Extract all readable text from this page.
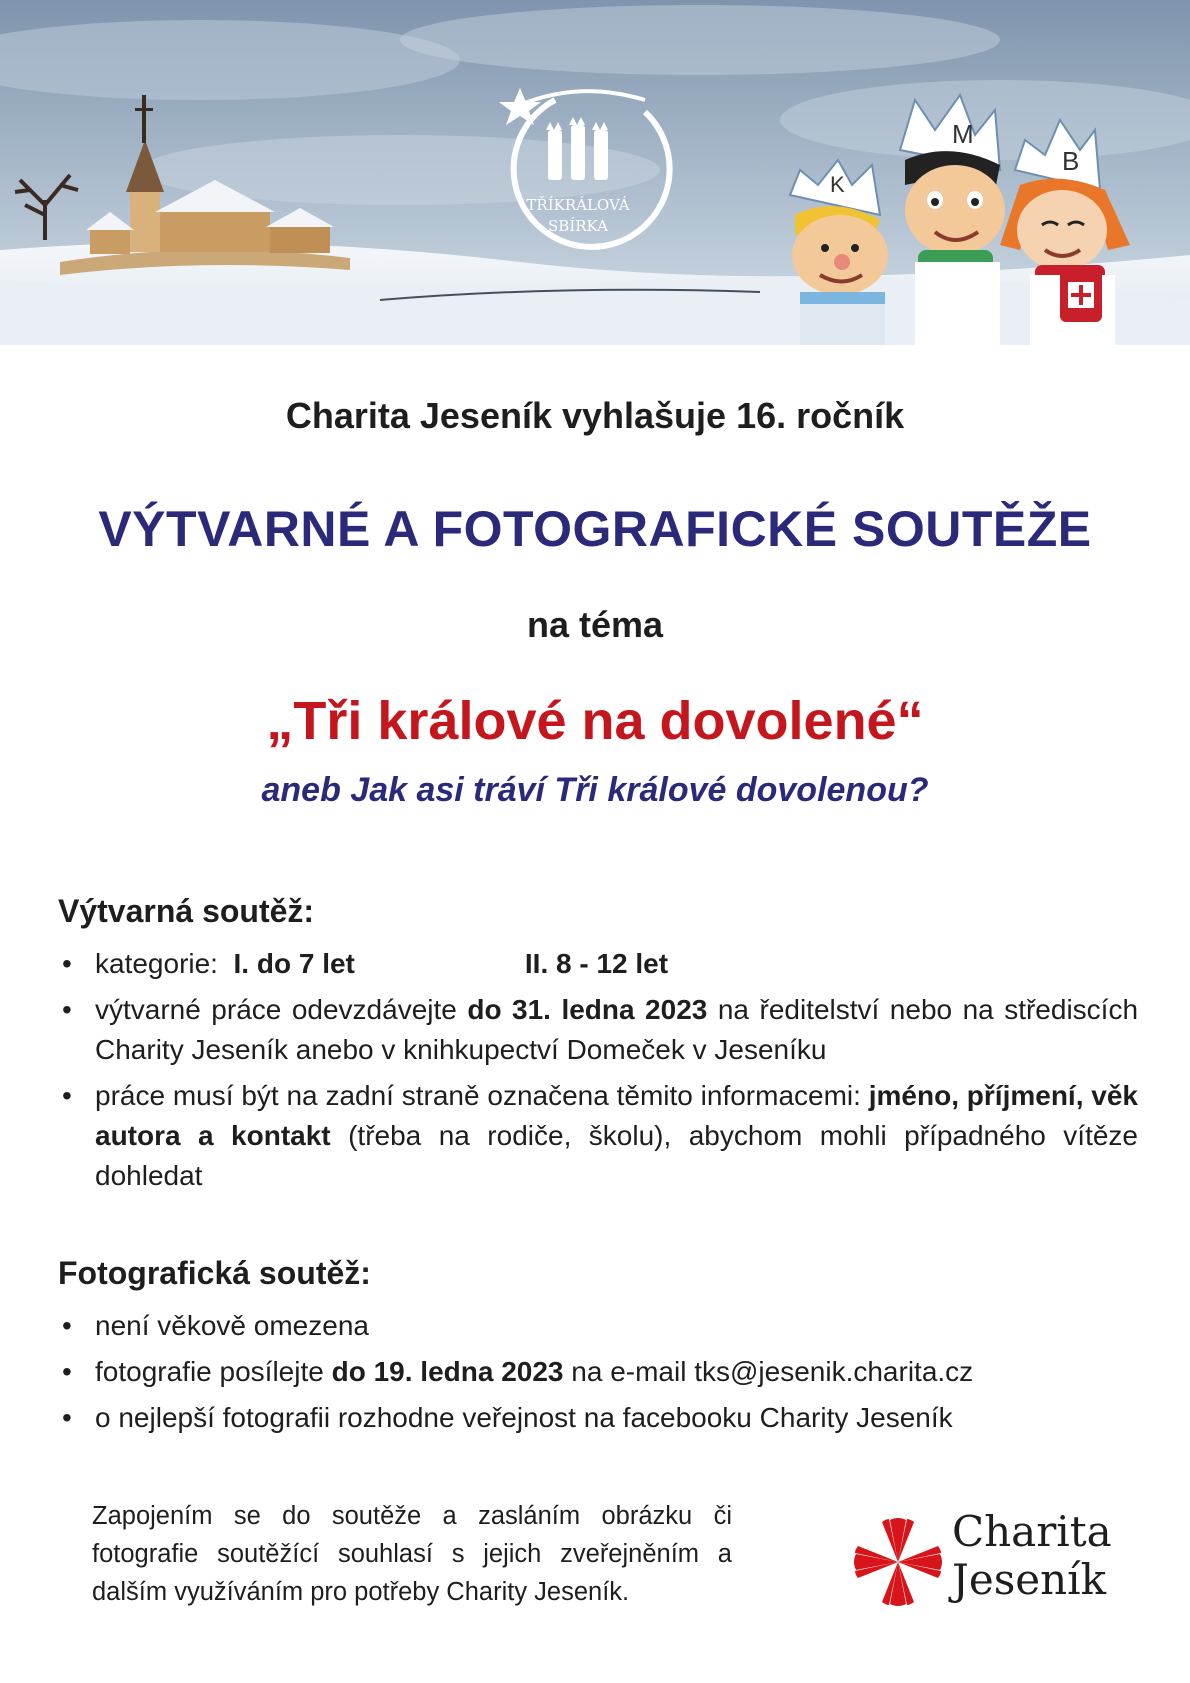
TŘÍKRÁLOVÁ
SBÍRKA
M
K
B
Charita Jeseník vyhlašuje 16. ročník
VÝTVARNÉ A FOTOGRAFICKÉ SOUTĚŽE
na téma
„Tři králové na dovolené“
aneb Jak asi tráví Tři králové dovolenou?
Výtvarná soutěž:
• kategorie: I. do 7 let	II. 8 - 12 let
• výtvarné práce odevzdávejte do 31. ledna 2023 na ředitelství nebo na střediscích Charity Jeseník anebo v knihkupectví Domeček v Jeseníku
• práce musí být na zadní straně označena těmito informacemi: jméno, příjmení, věk autora a kontakt (třeba na rodiče, školu), abychom mohli případného vítěze dohledat
Fotografická soutěž:
• není věkově omezena
• fotografie posílejte do 19. ledna 2023 na e-mail tks@jesenik.charita.cz
• o nejlepší fotografii rozhodne veřejnost na facebooku Charity Jeseník
Zapojením se do soutěže a zasláním obrázku či fotografie soutěžící souhlasí s jejich zveřejněním a dalším využíváním pro potřeby Charity Jeseník.
Charita
Jeseník
